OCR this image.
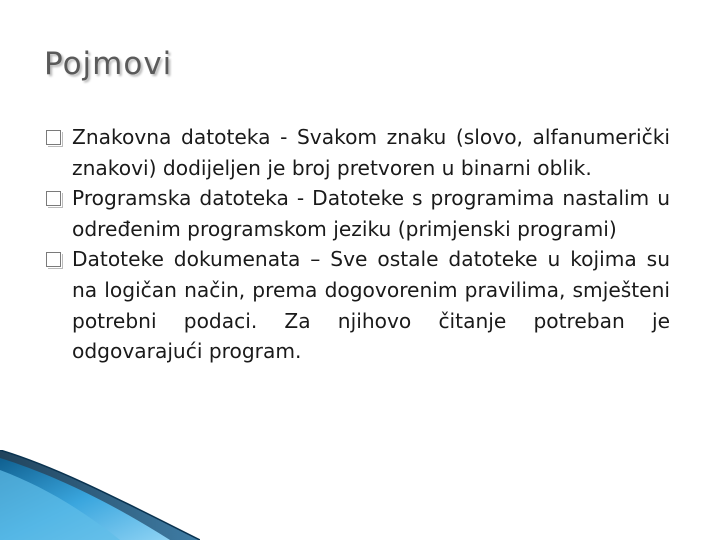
Pojmovi
Znakovna datoteka - Svakom znaku (slovo, alfanumerički znakovi) dodijeljen je broj pretvoren u binarni oblik.
Programska datoteka - Datoteke s programima nastalim u određenim programskom jeziku (primjenski programi)
Datoteke dokumenata – Sve ostale datoteke u kojima su na logičan način, prema dogovorenim pravilima, smješteni potrebni podaci. Za njihovo čitanje potreban je odgovarajući program.
